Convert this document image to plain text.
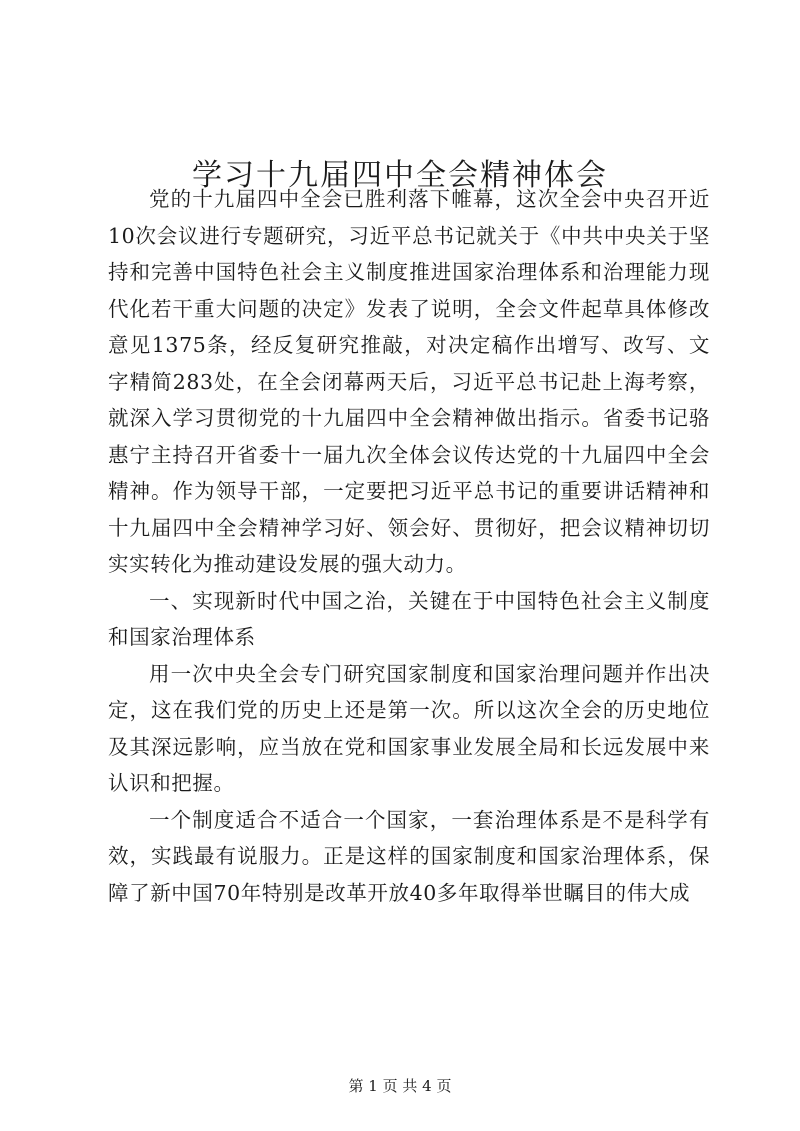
学习十九届四中全会精神体会

党的十九届四中全会已胜利落下帷幕，这次全会中央召开近10次会议进行专题研究，习近平总书记就关于《中共中央关于坚持和完善中国特色社会主义制度推进国家治理体系和治理能力现代化若干重大问题的决定》发表了说明，全会文件起草具体修改意见1375条，经反复研究推敲，对决定稿作出增写、改写、文字精简283处，在全会闭幕两天后，习近平总书记赴上海考察，就深入学习贯彻党的十九届四中全会精神做出指示。省委书记骆惠宁主持召开省委十一届九次全体会议传达党的十九届四中全会精神。作为领导干部，一定要把习近平总书记的重要讲话精神和十九届四中全会精神学习好、领会好、贯彻好，把会议精神切切实实转化为推动建设发展的强大动力。

一、实现新时代中国之治，关键在于中国特色社会主义制度和国家治理体系

用一次中央全会专门研究国家制度和国家治理问题并作出决定，这在我们党的历史上还是第一次。所以这次全会的历史地位及其深远影响，应当放在党和国家事业发展全局和长远发展中来认识和把握。

一个制度适合不适合一个国家，一套治理体系是不是科学有效，实践最有说服力。正是这样的国家制度和国家治理体系，保障了新中国70年特别是改革开放40多年取得举世瞩目的伟大成

第 1 页 共 4 页
